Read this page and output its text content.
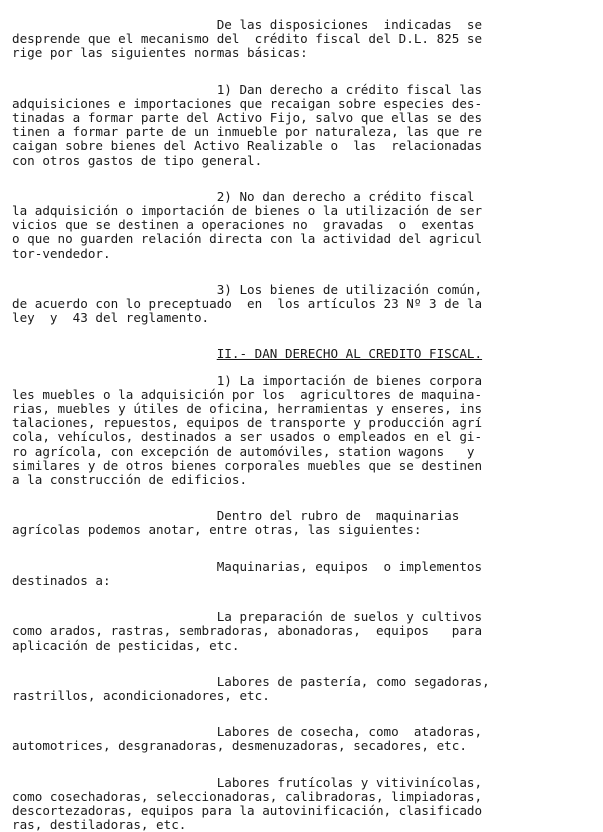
De las disposiciones  indicadas  se
desprende que el mecanismo del  crédito fiscal del D.L. 825 se
rige por las siguientes normas básicas:
1) Dan derecho a crédito fiscal las
adquisiciones e importaciones que recaigan sobre especies des-
tinadas a formar parte del Activo Fijo, salvo que ellas se des
tinen a formar parte de un inmueble por naturaleza, las que re
caigan sobre bienes del Activo Realizable o  las  relacionadas
con otros gastos de tipo general.
2) No dan derecho a crédito fiscal
la adquisición o importación de bienes o la utilización de ser
vicios que se destinen a operaciones no  gravadas  o  exentas
o que no guarden relación directa con la actividad del agricul
tor-vendedor.
3) Los bienes de utilización común,
de acuerdo con lo preceptuado  en  los artículos 23 Nº 3 de la
ley  y  43 del reglamento.
II.- DAN DERECHO AL CREDITO FISCAL.
1) La importación de bienes corpora
les muebles o la adquisición por los  agricultores de maquina-
rias, muebles y útiles de oficina, herramientas y enseres, ins
talaciones, repuestos, equipos de transporte y producción agrí
cola, vehículos, destinados a ser usados o empleados en el gi-
ro agrícola, con excepción de automóviles, station wagons   y
similares y de otros bienes corporales muebles que se destinen
a la construcción de edificios.
Dentro del rubro de  maquinarias
agrícolas podemos anotar, entre otras, las siguientes:
Maquinarias, equipos  o implementos
destinados a:
La preparación de suelos y cultivos
como arados, rastras, sembradoras, abonadoras,  equipos   para
aplicación de pesticidas, etc.
Labores de pastería, como segadoras,
rastrillos, acondicionadores, etc.
Labores de cosecha, como  atadoras,
automotrices, desgranadoras, desmenuzadoras, secadores, etc.
Labores frutícolas y vitivinícolas,
como cosechadoras, seleccionadoras, calibradoras, limpiadoras,
descortezadoras, equipos para la autovinificación, clasificado
ras, destiladoras, etc.
